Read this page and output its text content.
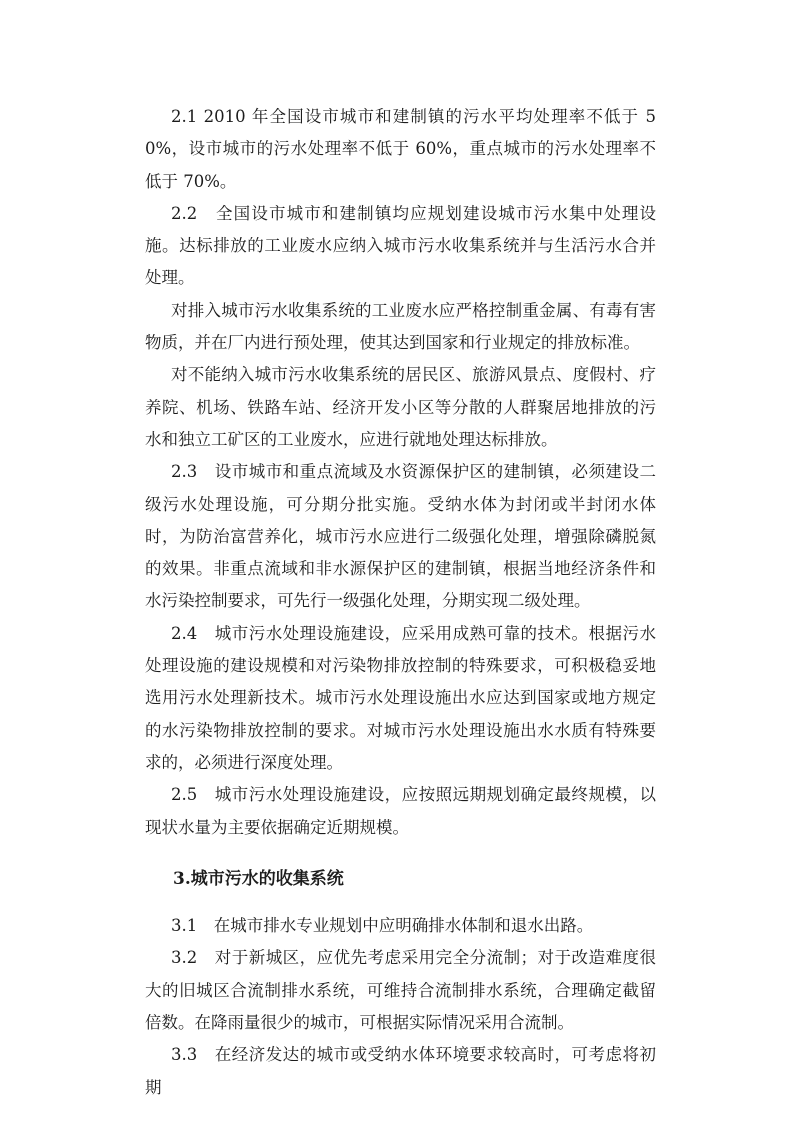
2.1 2010 年全国设市城市和建制镇的污水平均处理率不低于 50%，设市城市的污水处理率不低于 60%，重点城市的污水处理率不低于 70%。

2.2　全国设市城市和建制镇均应规划建设城市污水集中处理设施。达标排放的工业废水应纳入城市污水收集系统并与生活污水合并处理。

对排入城市污水收集系统的工业废水应严格控制重金属、有毒有害物质，并在厂内进行预处理，使其达到国家和行业规定的排放标准。

对不能纳入城市污水收集系统的居民区、旅游风景点、度假村、疗养院、机场、铁路车站、经济开发小区等分散的人群聚居地排放的污水和独立工矿区的工业废水，应进行就地处理达标排放。

2.3　设市城市和重点流域及水资源保护区的建制镇，必须建设二级污水处理设施，可分期分批实施。受纳水体为封闭或半封闭水体时，为防治富营养化，城市污水应进行二级强化处理，增强除磷脱氮的效果。非重点流域和非水源保护区的建制镇，根据当地经济条件和水污染控制要求，可先行一级强化处理，分期实现二级处理。

2.4　城市污水处理设施建设，应采用成熟可靠的技术。根据污水处理设施的建设规模和对污染物排放控制的特殊要求，可积极稳妥地选用污水处理新技术。城市污水处理设施出水应达到国家或地方规定的水污染物排放控制的要求。对城市污水处理设施出水水质有特殊要求的，必须进行深度处理。

2.5　城市污水处理设施建设，应按照远期规划确定最终规模，以现状水量为主要依据确定近期规模。

3.城市污水的收集系统

3.1　在城市排水专业规划中应明确排水体制和退水出路。

3.2　对于新城区，应优先考虑采用完全分流制；对于改造难度很大的旧城区合流制排水系统，可维持合流制排水系统，合理确定截留倍数。在降雨量很少的城市，可根据实际情况采用合流制。

3.3　在经济发达的城市或受纳水体环境要求较高时，可考虑将初期
